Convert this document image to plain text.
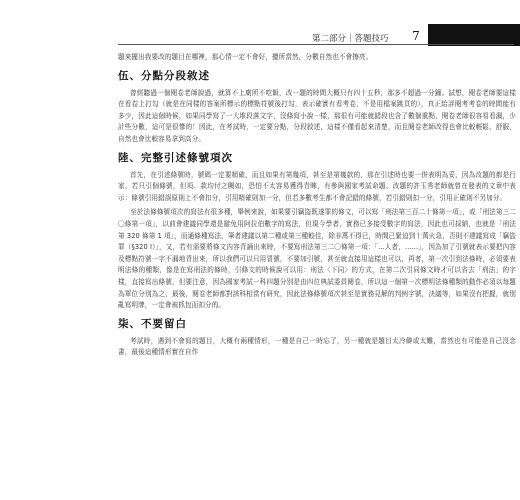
第二部分｜答題技巧	7

題來擺出我要改的題目在哪裡，那心情一定不會好，擾所當然，分數自然也不會擦亮。

伍、分點分段敘述

曾經聽過一個閱卷老師說過，就算不上廁所不吃飯，改一題的時間大概只有四十五秒，那多不超過一分鐘。試想，閱卷老師要這樣在看卷上打勾（就是在同樣的答案所標示的標點符號後打勾，表示確實有看考卷，不是用檔案跳頁的），真正給評閱考考卷的時間能有多少，因此這個時候，如果同學寫了一大堆段落文字，沒條寫小說一樣，那很有可能就錯段也含了數個重點，閱卷老師很容易看漏，少計些分數，這可是很慘的！因此，在考試時，一定要分點，分段敘述，這樣不僅看起來清楚，而且閱卷老師改得也會比較輕鬆，舒服，自然也會比較容易拿到高分。

陸、完整引述條號項次

首先，在引述條號時，號碼一定要精確，而且如果有第幾項，甚至是第幾款的，那在引述時也要一併表明為妥，因為改題的都是行家，若只引個條號，但項、款均付之闕如，恐怕不太容易獲得青睞，有參與國家考試命題、改題的許玉秀老師就曾在發表的文章中表示：條號引用錯誤原則上不會扣分，引用精確則加一分，但若多數考生都不會記錯的條號，若引錯則扣一分，引用正確則不另加分。

至於法條條號項次的寫法有很多種，舉例來說，如果要引竊盜既遂罪的條文，可以寫「刑法第三百二十條第一項」，或「刑法第三二〇條第一項」，以前會建議同學還是避免用阿拉伯數字的寫法，但現今學者，實務已多接受數字的寫法，因此也可採納，也就是「刑法第 320 條第 1 項」，而通條種寫法，筆者建議以第二種或第三種較佳，除非萬不得已，時間已緊迫到十萬火急，否則不建議寫成「竊盜罪（§320 I）」，又，若有需要將條文內容背誦出來時，不要寫刑法第三二〇條第一項：「...人者，......」，因為加了引號就表示要把內容及標點符號一字不漏地背出來，所以我們可以只用冒號，不要加引號，甚至就直接用這樣也可以，再者，第一次引到法條時，必須要表明法條的種類，像是在寫刑法的條時，引條文的時候說可以用：刑法〈下同〉的方式，在第二次引同條文時才可以省去「刑法」的字樣，直接寫出條號，但要注意，因為國家考試一科四題分別是由四位典試委員閱卷，所以這一個第一次標明法條種類的動作必須以每題為單位分別為之，最後，閱卷老師都對該科相當有研究，因此法條條號項次甚至是實務見解的判例字號，決議等，如果沒有把握，就別亂寫明牌，一定會被抓包而扣分的。

柒、不要留白

考試時，遇到不會寫的題目，大概有兩種情形，一種是自己一時忘了，另一種就是題目太冷僻或太難，當然也有可能是自己沒念書，最後這種情形實在自作
